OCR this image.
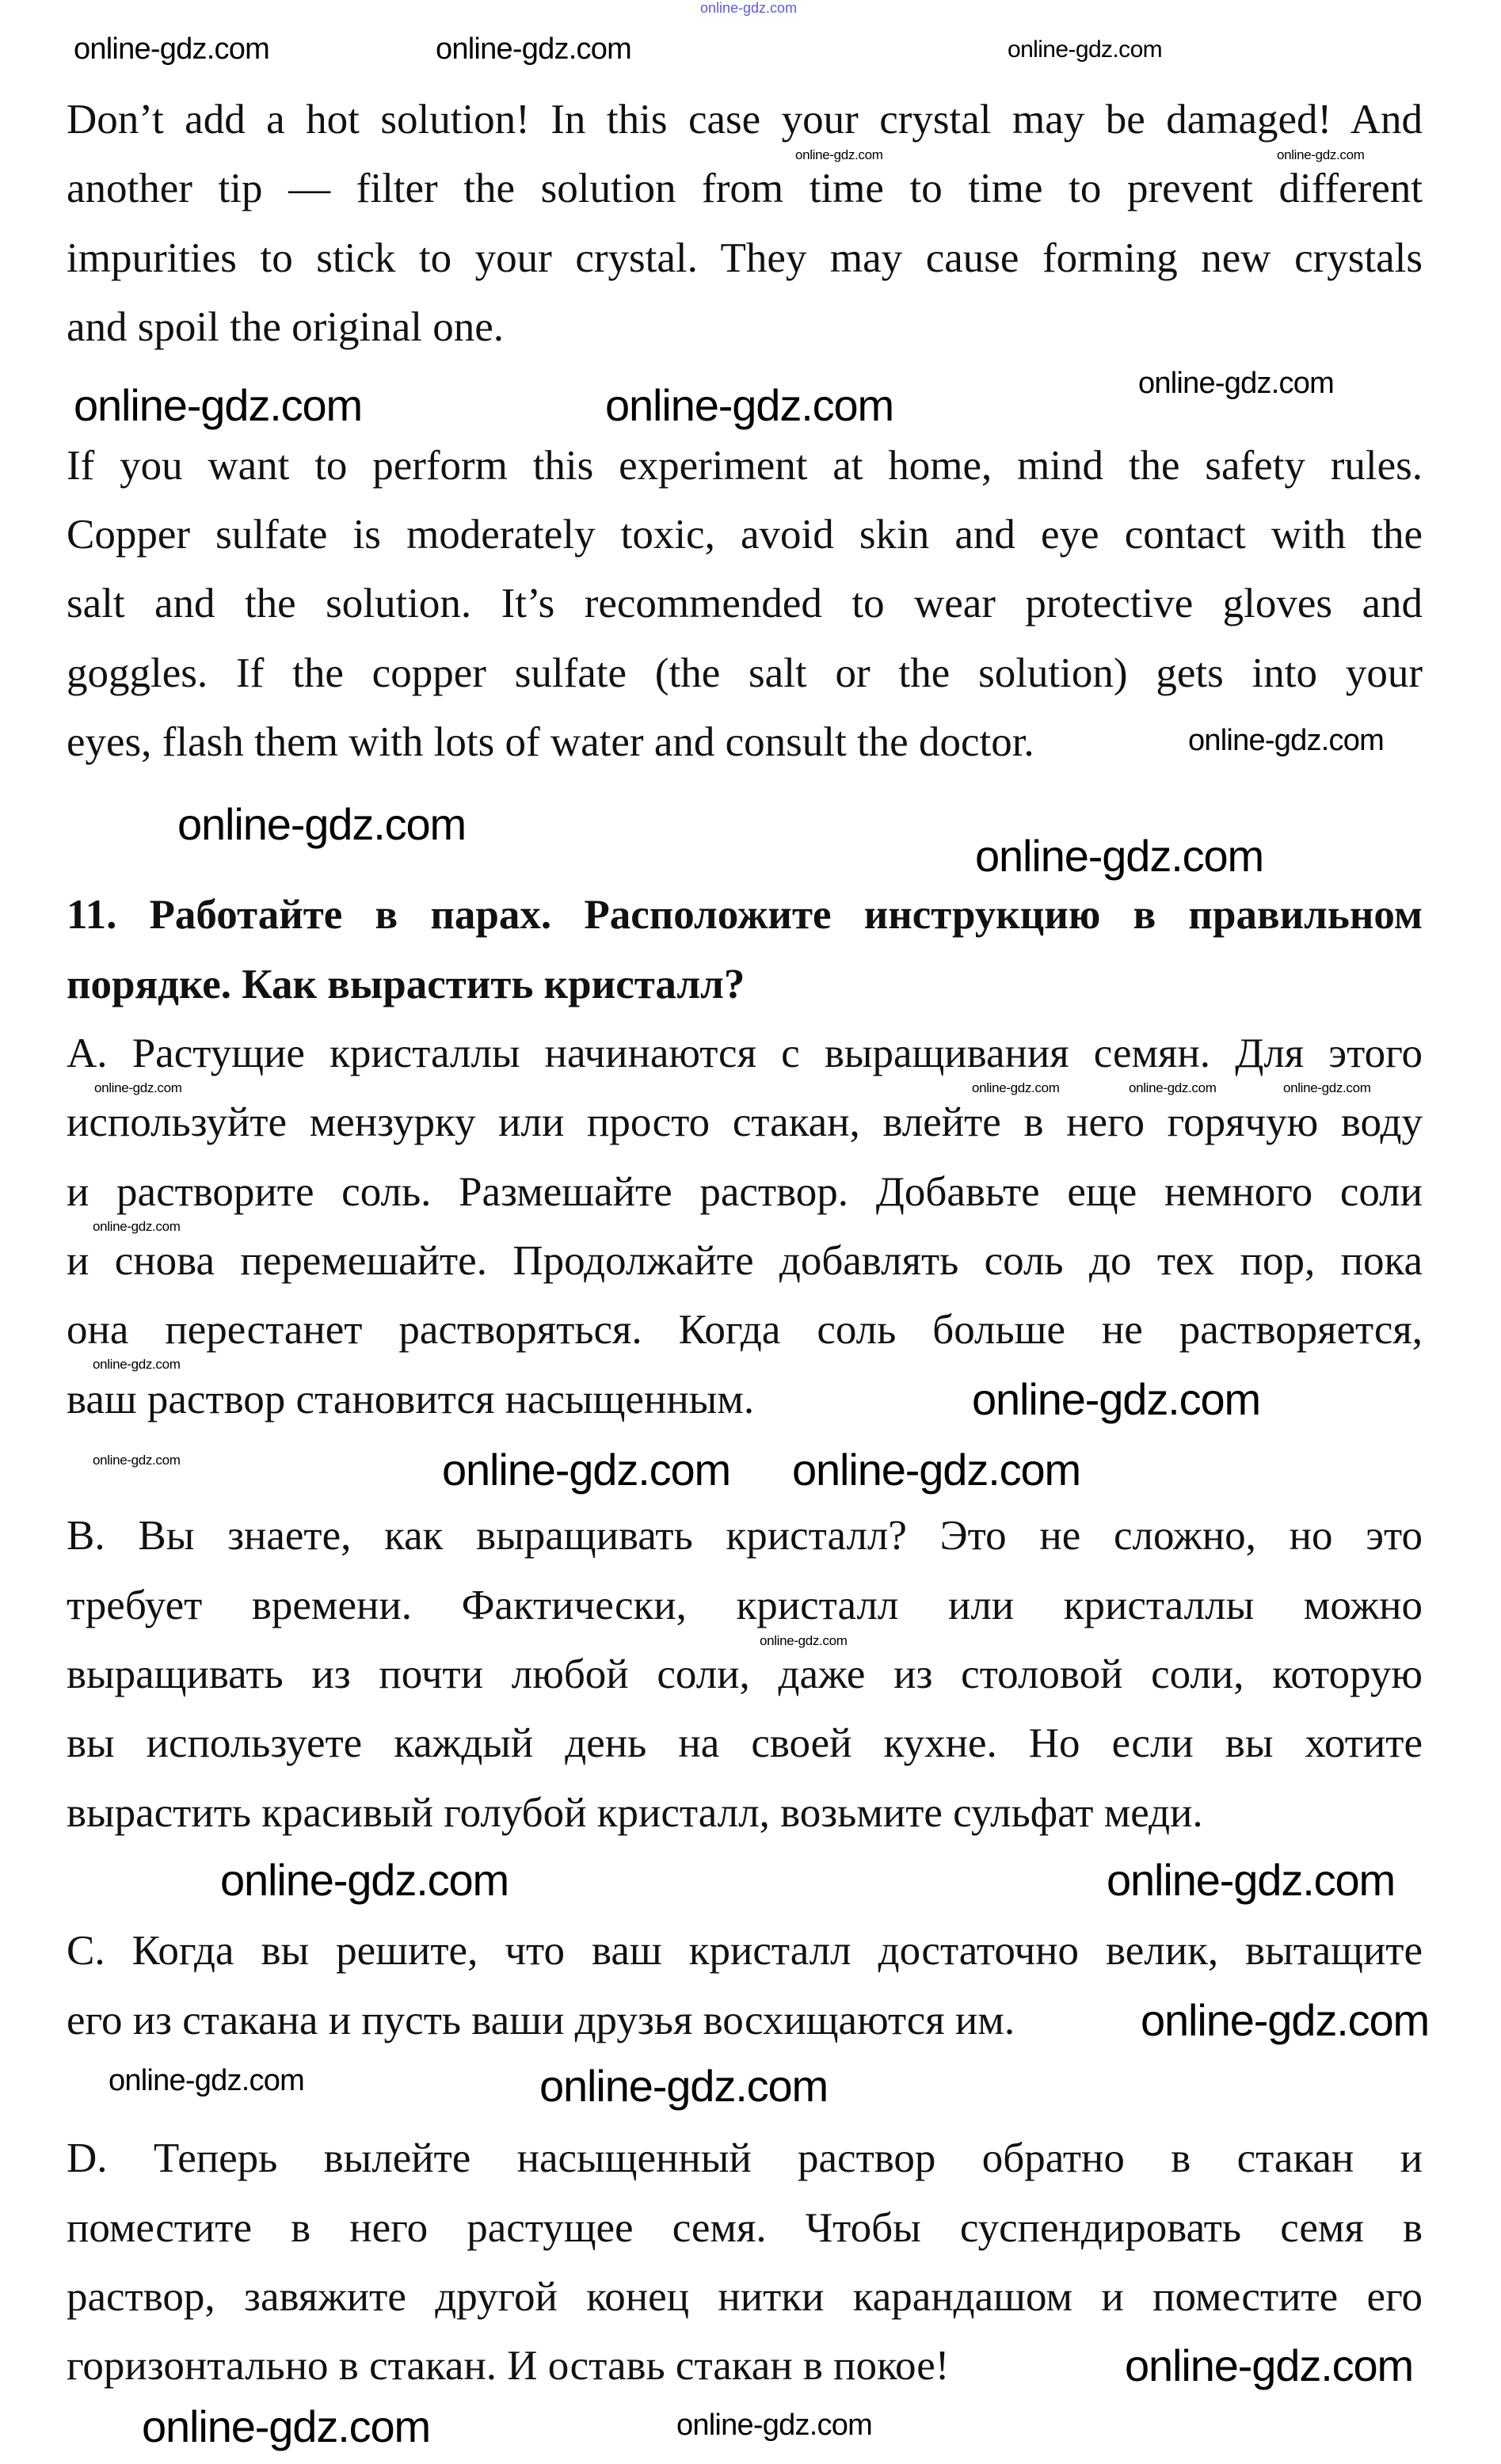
online-gdz.com
Don’t add a hot solution! In this case your crystal may be damaged! And
another tip — filter the solution from time to time to prevent different
impurities to stick to your crystal. They may cause forming new crystals
and spoil the original one.
If you want to perform this experiment at home, mind the safety rules.
Copper sulfate is moderately toxic, avoid skin and eye contact with the
salt and the solution. It’s recommended to wear protective gloves and
goggles. If the copper sulfate (the salt or the solution) gets into your
eyes, flash them with lots of water and consult the doctor.
11. Работайте в парах. Расположите инструкцию в правильном
порядке. Как вырастить кристалл?
A. Растущие кристаллы начинаются с выращивания семян. Для этого
используйте мензурку или просто стакан, влейте в него горячую воду
и растворите соль. Размешайте раствор. Добавьте еще немного соли
и снова перемешайте. Продолжайте добавлять соль до тех пор, пока
она перестанет растворяться. Когда соль больше не растворяется,
ваш раствор становится насыщенным.
B. Вы знаете, как выращивать кристалл? Это не сложно, но это
требует времени. Фактически, кристалл или кристаллы можно
выращивать из почти любой соли, даже из столовой соли, которую
вы используете каждый день на своей кухне. Но если вы хотите
вырастить красивый голубой кристалл, возьмите сульфат меди.
C. Когда вы решите, что ваш кристалл достаточно велик, вытащите
его из стакана и пусть ваши друзья восхищаются им.
D. Теперь вылейте насыщенный раствор обратно в стакан и
поместите в него растущее семя. Чтобы суспендировать семя в
раствор, завяжите другой конец нитки карандашом и поместите его
горизонтально в стакан. И оставь стакан в покое!
online-gdz.com	online-gdz.com
online-gdz.com
online-gdz.com
online-gdz.com
online-gdz.com
online-gdz.com	online-gdz.com
online-gdz.com
online-gdz.com
online-gdz.com
online-gdz.com
online-gdz.com	online-gdz.com	online-gdz.com	online-gdz.com
online-gdz.com
online-gdz.com
online-gdz.com
online-gdz.com
online-gdz.com
online-gdz.com
online-gdz.com	online-gdz.com
online-gdz.com	online-gdz.com
online-gdz.com
online-gdz.com	online-gdz.com
online-gdz.com
